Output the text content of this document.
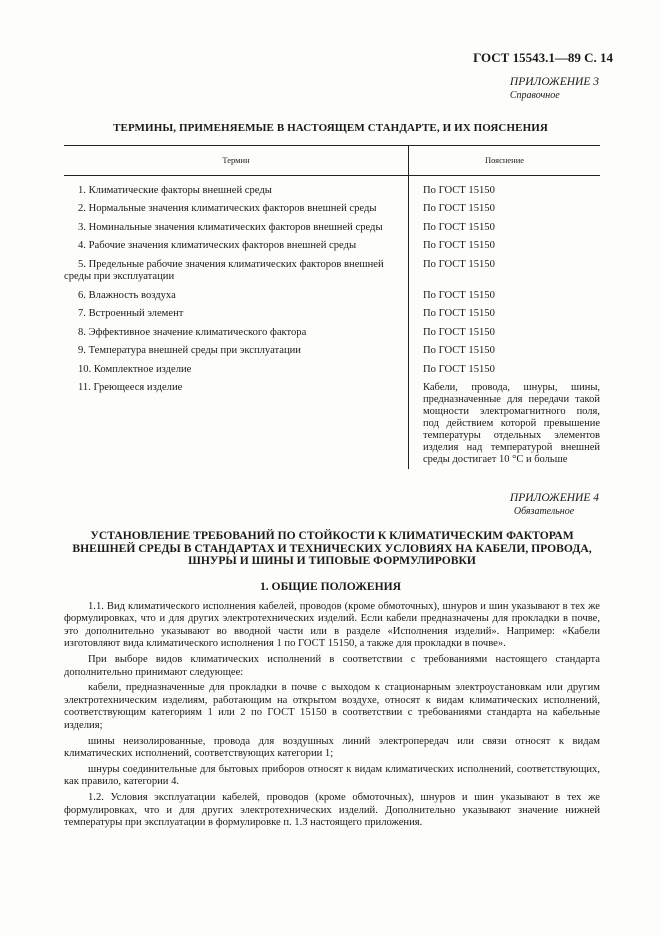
ГОСТ 15543.1—89 С. 14
ПРИЛОЖЕНИЕ 3
Справочное
ТЕРМИНЫ, ПРИМЕНЯЕМЫЕ В НАСТОЯЩЕМ СТАНДАРТЕ, И ИХ ПОЯСНЕНИЯ
Термин	Пояснение

1. Климатические факторы внешней среды	По ГОСТ 15150

2. Нормальные значения климатических факторов внешней среды	По ГОСТ 15150

3. Номинальные значения климатических факторов внешней среды	По ГОСТ 15150

4. Рабочие значения климатических факторов внешней среды	По ГОСТ 15150

5. Предельные рабочие значения климатических факторов внешней среды при эксплуатации	По ГОСТ 15150

6. Влажность воздуха	По ГОСТ 15150

7. Встроенный элемент	По ГОСТ 15150

8. Эффективное значение климатического фактора	По ГОСТ 15150

9. Температура внешней среды при эксплуатации	По ГОСТ 15150

10. Комплектное изделие	По ГОСТ 15150

11. Греющееся изделие	Кабели, провода, шнуры, шины, предназначенные для передачи такой мощности электромагнитного поля, под действием которой превышение температуры отдельных элементов изделия над температурой внешней среды достигает 10 °С и больше
ПРИЛОЖЕНИЕ 4
Обязательное
УСТАНОВЛЕНИЕ ТРЕБОВАНИЙ ПО СТОЙКОСТИ К КЛИМАТИЧЕСКИМ ФАКТОРАМ ВНЕШНЕЙ СРЕДЫ В СТАНДАРТАХ И ТЕХНИЧЕСКИХ УСЛОВИЯХ НА КАБЕЛИ, ПРОВОДА, ШНУРЫ И ШИНЫ И ТИПОВЫЕ ФОРМУЛИРОВКИ
1. ОБЩИЕ ПОЛОЖЕНИЯ

1.1. Вид климатического исполнения кабелей, проводов (кроме обмоточных), шнуров и шин указывают в тех же формулировках, что и для других электротехнических изделий. Если кабели предназначены для прокладки в почве, это дополнительно указывают во вводной части или в разделе «Исполнения изделий». Например: «Кабели изготовляют вида климатического исполнения 1 по ГОСТ 15150, а также для прокладки в почве».

При выборе видов климатических исполнений в соответствии с требованиями настоящего стандарта дополнительно принимают следующее:

кабели, предназначенные для прокладки в почве с выходом к стационарным электроустановкам или другим электротехническим изделиям, работающим на открытом воздухе, относят к видам климатических исполнений, соответствующим категориям 1 или 2 по ГОСТ 15150 в соответствии с требованиями стандарта на кабельные изделия;

шины неизолированные, провода для воздушных линий электропередач или связи относят к видам климатических исполнений, соответствующих категории 1;

шнуры соединительные для бытовых приборов относят к видам климатических исполнений, соответствующих, как правило, категории 4.

1.2. Условия эксплуатации кабелей, проводов (кроме обмоточных), шнуров и шин указывают в тех же формулировках, что и для других электротехнических изделий. Дополнительно указывают значение нижней температуры при эксплуатации в формулировке п. 1.3 настоящего приложения.
